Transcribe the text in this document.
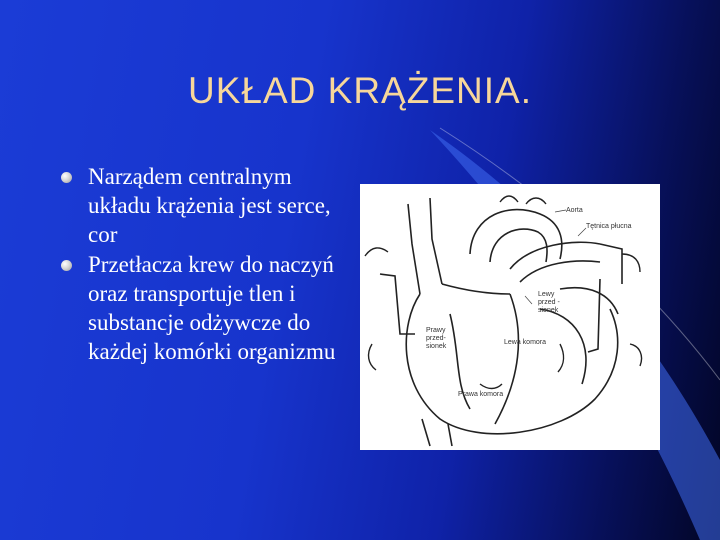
UKŁAD KRĄŻENIA.
Narządem centralnym układu krążenia jest serce, cor
Przetłacza krew do naczyń oraz transportuje tlen i substancje odżywcze do każdej komórki organizmu
Aorta
Tętnica płucna
Lewy
przed -
sionek
Prawy
przed-
sionek
Lewa komora
Prawa komora
